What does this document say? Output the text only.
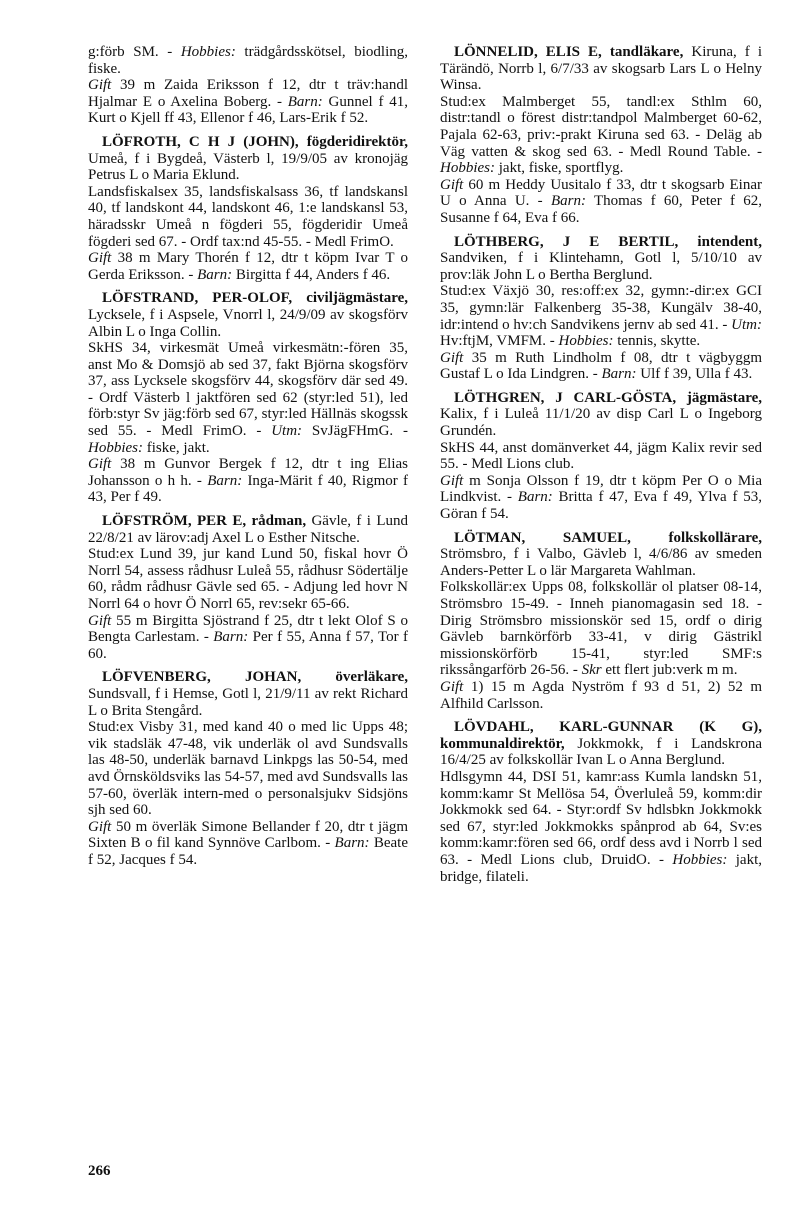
g:förb SM. - Hobbies: trädgårdsskötsel, biodling, fiske.
Gift 39 m Zaida Eriksson f 12, dtr t träv:handl Hjalmar E o Axelina Boberg. - Barn: Gunnel f 41, Kurt o Kjell ff 43, Ellenor f 46, Lars-Erik f 52.
LÖFROTH, C H J (JOHN), fögderidirektör, Umeå, f i Bygdeå, Västerb l, 19/9/05 av kronojäg Petrus L o Maria Eklund.
Landsfiskalsex 35, landsfiskalsass 36, tf landskansl 40, tf landskont 44, landskont 46, 1:e landskansl 53, häradsskr Umeå n fögderi 55, fögderidir Umeå fögderi sed 67. - Ordf tax:nd 45-55. - Medl FrimO.
Gift 38 m Mary Thorén f 12, dtr t köpm Ivar T o Gerda Eriksson. - Barn: Birgitta f 44, Anders f 46.
LÖFSTRAND, PER-OLOF, civiljägmästare, Lycksele, f i Aspsele, Vnorrl l, 24/9/09 av skogsförv Albin L o Inga Collin.
SkHS 34, virkesmät Umeå virkesmätn:-fören 35, anst Mo & Domsjö ab sed 37, fakt Björna skogsförv 37, ass Lycksele skogsförv 44, skogsförv där sed 49. - Ordf Västerb l jaktfören sed 62 (styr:led 51), led förb:styr Sv jäg:förb sed 67, styr:led Hällnäs skogssk sed 55. - Medl FrimO. - Utm: SvJägFHmG. - Hobbies: fiske, jakt.
Gift 38 m Gunvor Bergek f 12, dtr t ing Elias Johansson o h h. - Barn: Inga-Märit f 40, Rigmor f 43, Per f 49.
LÖFSTRÖM, PER E, rådman, Gävle, f i Lund 22/8/21 av lärov:adj Axel L o Esther Nitsche.
Stud:ex Lund 39, jur kand Lund 50, fiskal hovr Ö Norrl 54, assess rådhusr Luleå 55, rådhusr Södertälje 60, rådm rådhusr Gävle sed 65. - Adjung led hovr N Norrl 64 o hovr Ö Norrl 65, rev:sekr 65-66.
Gift 55 m Birgitta Sjöstrand f 25, dtr t lekt Olof S o Bengta Carlestam. - Barn: Per f 55, Anna f 57, Tor f 60.
LÖFVENBERG, JOHAN, överläkare, Sundsvall, f i Hemse, Gotl l, 21/9/11 av rekt Richard L o Brita Stengård.
Stud:ex Visby 31, med kand 40 o med lic Upps 48; vik stadsläk 47-48, vik underläk ol avd Sundsvalls las 48-50, underläk barnavd Linkpgs las 50-54, med avd Örnsköldsviks las 54-57, med avd Sundsvalls las 57-60, överläk intern-med o personalsjukv Sidsjöns sjh sed 60.
Gift 50 m överläk Simone Bellander f 20, dtr t jägm Sixten B o fil kand Synnöve Carlbom. - Barn: Beate f 52, Jacques f 54.
LÖNNELID, ELIS E, tandläkare, Kiruna, f i Tärändö, Norrb l, 6/7/33 av skogsarb Lars L o Helny Winsa.
Stud:ex Malmberget 55, tandl:ex Sthlm 60, distr:tandl o förest distr:tandpol Malmberget 60-62, Pajala 62-63, priv:-prakt Kiruna sed 63. - Deläg ab Väg vatten & skog sed 63. - Medl Round Table. - Hobbies: jakt, fiske, sportflyg.
Gift 60 m Heddy Uusitalo f 33, dtr t skogsarb Einar U o Anna U. - Barn: Thomas f 60, Peter f 62, Susanne f 64, Eva f 66.
LÖTHBERG, J E BERTIL, intendent, Sandviken, f i Klintehamn, Gotl l, 5/10/10 av prov:läk John L o Bertha Berglund.
Stud:ex Växjö 30, res:off:ex 32, gymn:-dir:ex GCI 35, gymn:lär Falkenberg 35-38, Kungälv 38-40, idr:intend o hv:ch Sandvikens jernv ab sed 41. - Utm: Hv:ftjM, VMFM. - Hobbies: tennis, skytte.
Gift 35 m Ruth Lindholm f 08, dtr t vägbyggm Gustaf L o Ida Lindgren. - Barn: Ulf f 39, Ulla f 43.
LÖTHGREN, J CARL-GÖSTA, jägmästare, Kalix, f i Luleå 11/1/20 av disp Carl L o Ingeborg Grundén.
SkHS 44, anst domänverket 44, jägm Kalix revir sed 55. - Medl Lions club.
Gift m Sonja Olsson f 19, dtr t köpm Per O o Mia Lindkvist. - Barn: Britta f 47, Eva f 49, Ylva f 53, Göran f 54.
LÖTMAN, SAMUEL,	folkskollärare, Strömsbro, f i Valbo, Gävleb l, 4/6/86 av smeden Anders-Petter L o lär Margareta Wahlman.
Folkskollär:ex Upps 08, folkskollär ol platser 08-14, Strömsbro 15-49. - Inneh pianomagasin sed 18. - Dirig Strömsbro missionskör sed 15, ordf o dirig Gävleb barnkörförb 33-41, v dirig Gästrikl missionskörförb 15-41, styr:led SMF:s rikssångarförb 26-56. - Skr ett flert jub:verk m m.
Gift 1) 15 m Agda Nyström f 93 d 51, 2) 52 m Alfhild Carlsson.
LÖVDAHL, KARL-GUNNAR (K G), kommunaldirektör, Jokkmokk, f i Landskrona 16/4/25 av folkskollär Ivan L o Anna Berglund.
Hdlsgymn 44, DSI 51, kamr:ass Kumla landskn 51, komm:kamr St Mellösa 54, Överluleå 59, komm:dir Jokkmokk sed 64. - Styr:ordf Sv hdlsbkn Jokkmokk sed 67, styr:led Jokkmokks spånprod ab 64, Sv:es komm:kamr:fören sed 66, ordf dess avd i Norrb l sed 63. - Medl Lions club, DruidO. - Hobbies: jakt, bridge, filateli.
266
